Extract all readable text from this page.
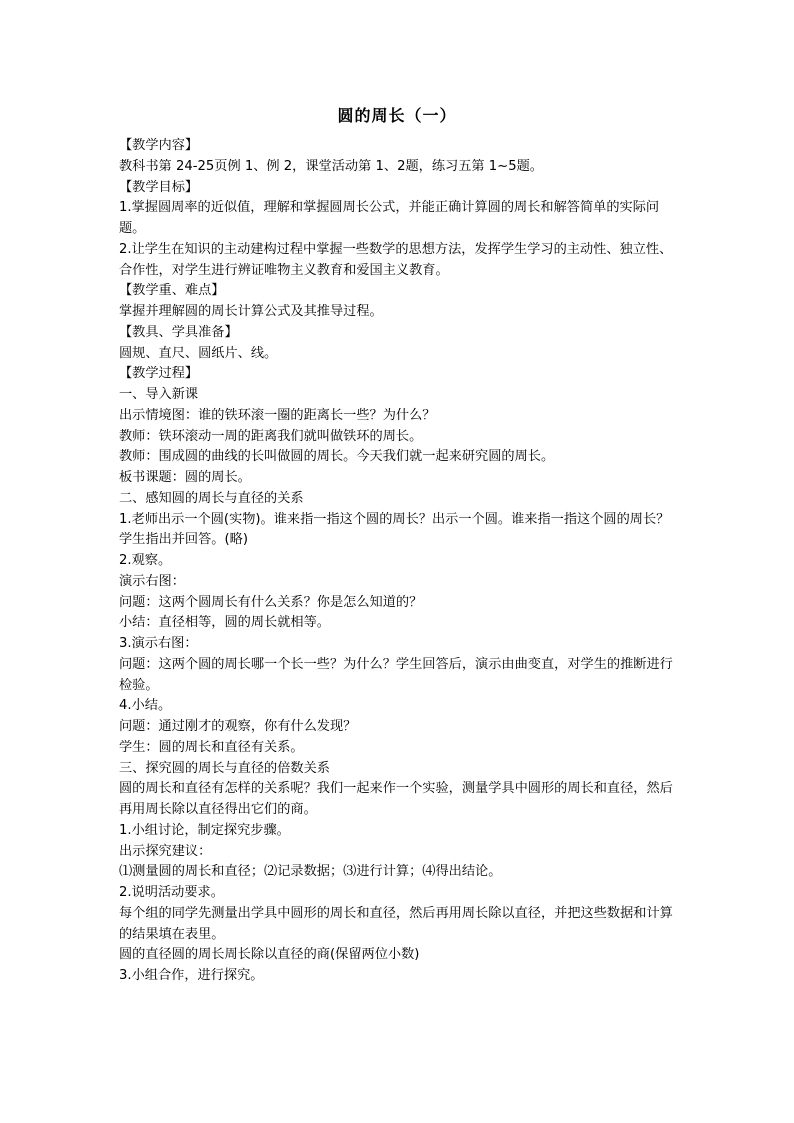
圆的周长（一）

【教学内容】

教科书第 24-25页例 1、例 2，课堂活动第 1、2题，练习五第 1~5题。

【教学目标】

1.掌握圆周率的近似值，理解和掌握圆周长公式，并能正确计算圆的周长和解答简单的实际问题。

2.让学生在知识的主动建构过程中掌握一些数学的思想方法，发挥学生学习的主动性、独立性、合作性，对学生进行辨证唯物主义教育和爱国主义教育。

【教学重、难点】

掌握并理解圆的周长计算公式及其推导过程。

【教具、学具准备】

圆规、直尺、圆纸片、线。

【教学过程】

一、导入新课

出示情境图：谁的铁环滚一圈的距离长一些？为什么？

教师：铁环滚动一周的距离我们就叫做铁环的周长。

教师：围成圆的曲线的长叫做圆的周长。今天我们就一起来研究圆的周长。

板书课题：圆的周长。

二、感知圆的周长与直径的关系

1.老师出示一个圆(实物)。谁来指一指这个圆的周长？出示一个圆。谁来指一指这个圆的周长？

学生指出并回答。(略)

2.观察。

演示右图：

问题：这两个圆周长有什么关系？你是怎么知道的？

小结：直径相等，圆的周长就相等。

3.演示右图：

问题：这两个圆的周长哪一个长一些？为什么？学生回答后，演示由曲变直，对学生的推断进行检验。

4.小结。

问题：通过刚才的观察，你有什么发现？

学生：圆的周长和直径有关系。

三、探究圆的周长与直径的倍数关系

圆的周长和直径有怎样的关系呢？我们一起来作一个实验，测量学具中圆形的周长和直径，然后再用周长除以直径得出它们的商。

1.小组讨论，制定探究步骤。

出示探究建议：

⑴测量圆的周长和直径；⑵记录数据；⑶进行计算；⑷得出结论。

2.说明活动要求。

每个组的同学先测量出学具中圆形的周长和直径，然后再用周长除以直径，并把这些数据和计算的结果填在表里。

圆的直径圆的周长周长除以直径的商(保留两位小数)

3.小组合作，进行探究。
